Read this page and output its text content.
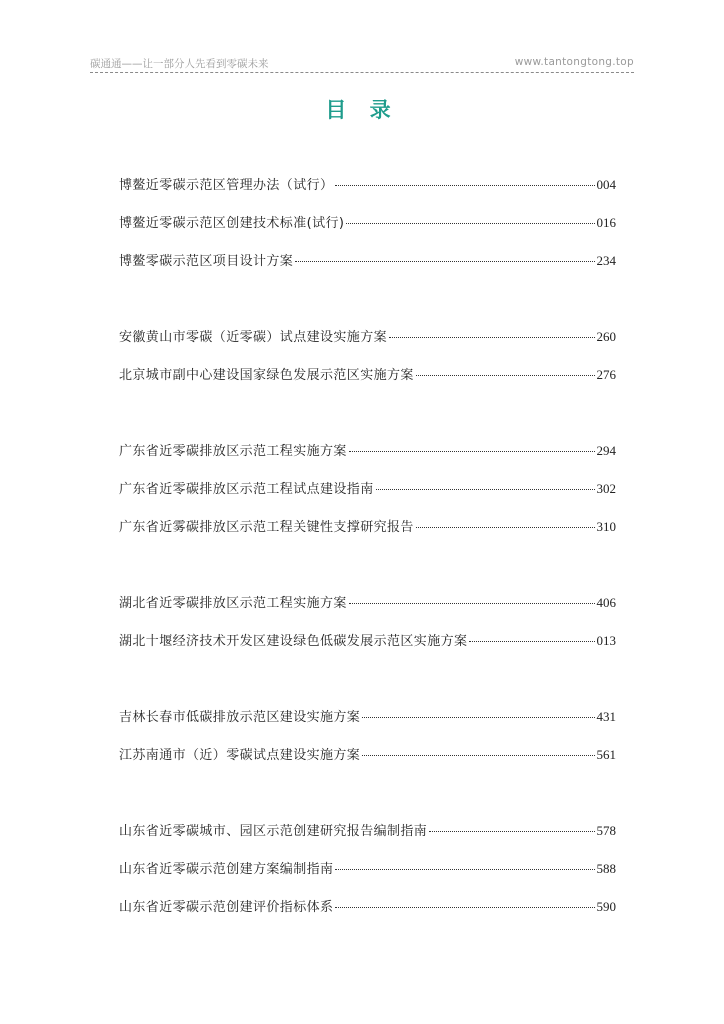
碳通通——让一部分人先看到零碳未来	www.tantongtong.top
目 录
博鳌近零碳示范区管理办法（试行）	004
博鳌近零碳示范区创建技术标准(试行)	016
博鳌零碳示范区项目设计方案	234
安徽黄山市零碳（近零碳）试点建设实施方案	260
北京城市副中心建设国家绿色发展示范区实施方案	276
广东省近零碳排放区示范工程实施方案	294
广东省近零碳排放区示范工程试点建设指南	302
广东省近雾碳排放区示范工程关键性支撑研究报告	310
湖北省近零碳排放区示范工程实施方案	406
湖北十堰经济技术开发区建设绿色低碳发展示范区实施方案	013
吉林长春市低碳排放示范区建设实施方案	431
江苏南通市（近）零碳试点建设实施方案	561
山东省近零碳城市、园区示范创建研究报告编制指南	578
山东省近零碳示范创建方案编制指南	588
山东省近零碳示范创建评价指标体系	590
